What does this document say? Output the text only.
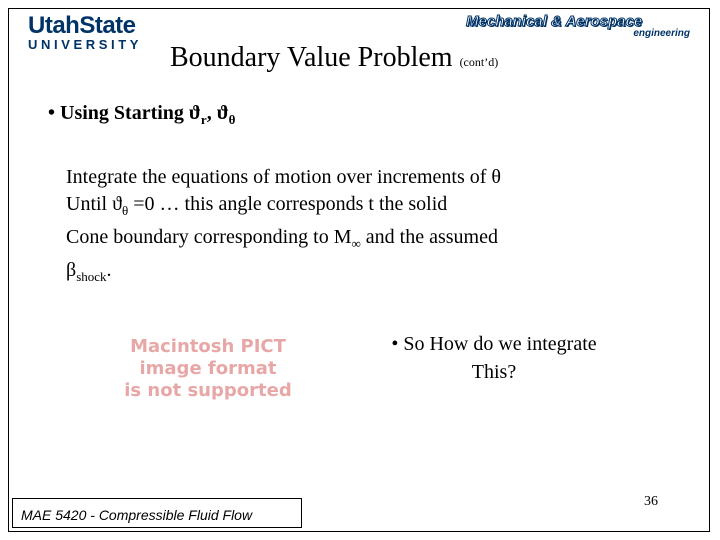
UtahState
UNIVERSITY
Mechanical & Aerospace
engineering
Boundary Value Problem (cont’d)
• Using Starting $ϑ_r$, $ϑ_\theta$
Integrate the equations of motion over increments of θ
Until $ϑ_\theta =0$ … this angle corresponds t the solid
Cone boundary corresponding to $M_\infty$ and the assumed
$\beta_{shock}$.
Macintosh PICT
image format
is not supported
• So How do we integrate
This?
MAE 5420 - Compressible Fluid Flow
36
